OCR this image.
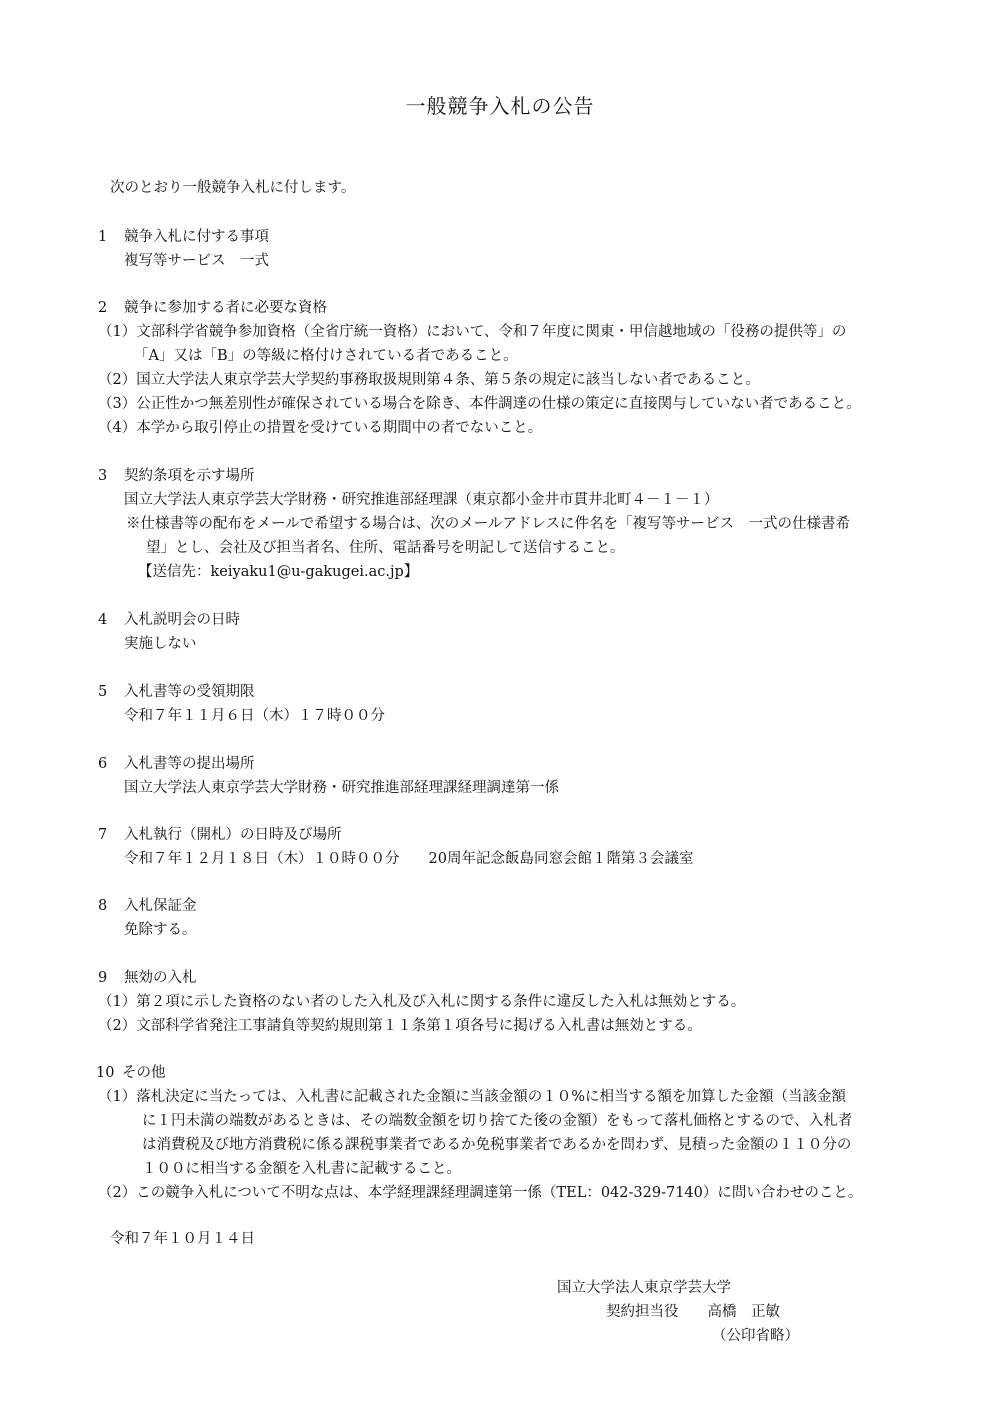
一般競争入札の公告
次のとおり一般競争入札に付します。
1 競争入札に付する事項
複写等サービス　一式
2 競争に参加する者に必要な資格
（1）文部科学省競争参加資格（全省庁統一資格）において、令和７年度に関東・甲信越地域の「役務の提供等」の
「A」又は「B」の等級に格付けされている者であること。
（2）国立大学法人東京学芸大学契約事務取扱規則第４条、第５条の規定に該当しない者であること。
（3）公正性かつ無差別性が確保されている場合を除き、本件調達の仕様の策定に直接関与していない者であること。
（4）本学から取引停止の措置を受けている期間中の者でないこと。
3 契約条項を示す場所
国立大学法人東京学芸大学財務・研究推進部経理課（東京都小金井市貫井北町４－１－１）
※仕様書等の配布をメールで希望する場合は、次のメールアドレスに件名を「複写等サービス　一式の仕様書希
望」とし、会社及び担当者名、住所、電話番号を明記して送信すること。
【送信先：keiyaku1@u-gakugei.ac.jp】
4 入札説明会の日時
実施しない
5 入札書等の受領期限
令和７年１１月６日（木）１７時００分
6 入札書等の提出場所
国立大学法人東京学芸大学財務・研究推進部経理課経理調達第一係
7 入札執行（開札）の日時及び場所
令和７年１２月１８日（木）１０時００分　　20周年記念飯島同窓会館１階第３会議室
8 入札保証金
免除する。
9 無効の入札
（1）第２項に示した資格のない者のした入札及び入札に関する条件に違反した入札は無効とする。
（2）文部科学省発注工事請負等契約規則第１１条第１項各号に掲げる入札書は無効とする。
10 その他
（1）落札決定に当たっては、入札書に記載された金額に当該金額の１０%に相当する額を加算した金額（当該金額
に１円未満の端数があるときは、その端数金額を切り捨てた後の金額）をもって落札価格とするので、入札者
は消費税及び地方消費税に係る課税事業者であるか免税事業者であるかを問わず、見積った金額の１１０分の
１００に相当する金額を入札書に記載すること。
（2）この競争入札について不明な点は、本学経理課経理調達第一係（TEL：042-329-7140）に問い合わせのこと。
令和７年１０月１４日
国立大学法人東京学芸大学
契約担当役　　高橋　正敏
（公印省略）
